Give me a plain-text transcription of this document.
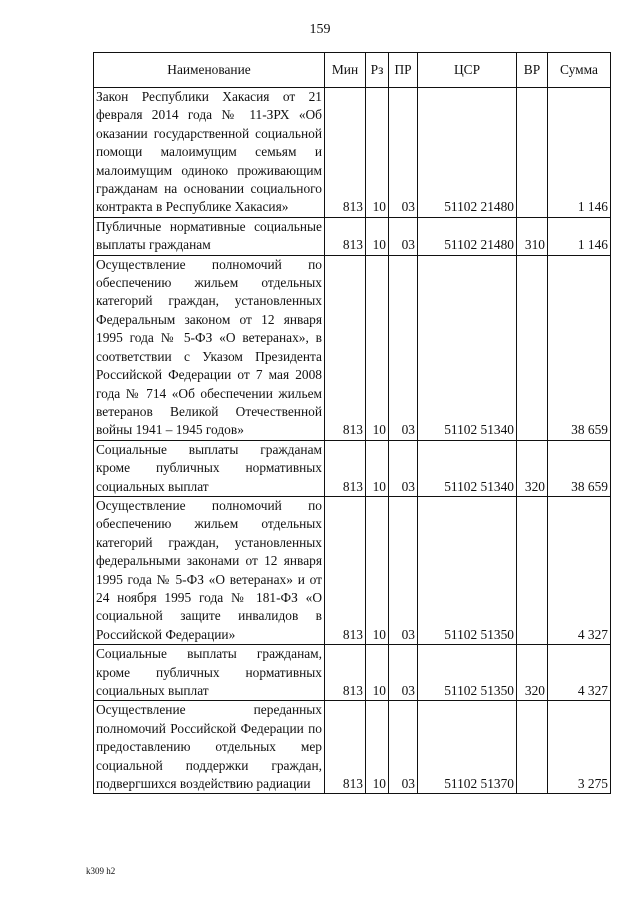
159
Наименование	Мин	Рз	ПР	ЦСР	ВР	Сумма

Закон Республики Хакасия от 21 февраля 2014 года № 11-ЗРХ «Об оказании государственной социальной помощи малоимущим семьям и малоимущим одиноко проживающим гражданам на основании социального контракта в Республике Хакасия»	813	10	03	51102 21480		1 146

Публичные нормативные социальные выплаты гражданам	813	10	03	51102 21480	310	1 146

Осуществление полномочий по обеспечению жильем отдельных категорий граждан, установленных Федеральным законом от 12 января 1995 года № 5-ФЗ «О ветеранах», в соответствии с Указом Президента Российской Федерации от 7 мая 2008 года № 714 «Об обеспечении жильем ветеранов Великой Отечественной войны 1941 – 1945 годов»	813	10	03	51102 51340		38 659

Социальные выплаты гражданам кроме публичных нормативных социальных выплат	813	10	03	51102 51340	320	38 659

Осуществление полномочий по обеспечению жильем отдельных категорий граждан, установленных федеральными законами от 12 января 1995 года № 5-ФЗ «О ветеранах» и от 24 ноября 1995 года № 181-ФЗ «О социальной защите инвалидов в Российской Федерации»	813	10	03	51102 51350		4 327

Социальные выплаты гражданам, кроме публичных нормативных социальных выплат	813	10	03	51102 51350	320	4 327

Осуществление переданных полномочий Российской Федерации по предоставлению отдельных мер социальной поддержки граждан, подвергшихся воздействию радиации	813	10	03	51102 51370		3 275
k309 h2
